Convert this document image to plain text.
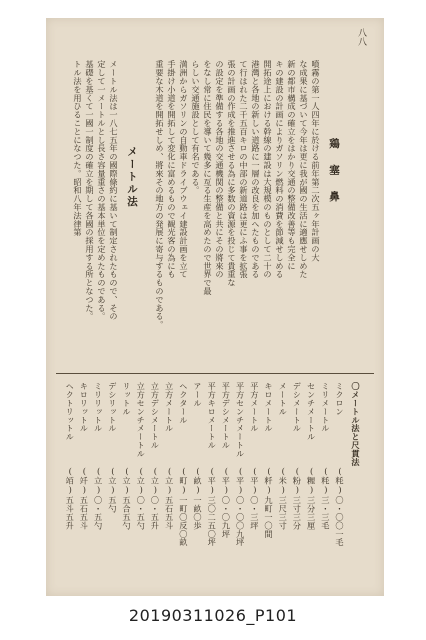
八八
鶏 塞 鼻
噴霧の第一人四年に於ける前年第二次五ヶ年計画の大
な成果に基づいて今年は更に我が國の生活に適應せしめた
新の都市構成の確立をはかり交通の整備改善等も完全に
キの建設の計画によりガソリン燃料の消費を節減せしめる
開拓途上における幹線の建設は大規模のものとして二十の
港灣と各地の新しい道路に一層の改良を加へたものである
て行はれた二千五百キロの中部の新道路は更にふ事を拡張
張の計画の作成を推進させる為に多数の資源を投じて貴重な
の設定を準備する各地の交通機関の整備と共にその將來の
をなし常に住民を導いて幾多に亙る生産を高めたので世界で最
らしい交通施設として有名である。
満洲からガソリンの自動車ドライブウェイ建設計画を立て
手掛け小道を開拓して変化に富めるもので観光客の為にも
重要な木道を開拓せしめ、將來その地方の発展に寄与するものである。
メートル法
メートル法は一八七五年の國際條約に基いて制定されたもので、その
定して一メートルとし長さ容量重さの基本単位を定めたものである。
基礎を基くて一國一制度の確立を期して各國の採用する所となつた。
トル法を用ひることになつた。昭和八年法律第
〇メートル法と尺貫法
ミクロン
(粍)
〇・〇〇一毛
ミリメートル
(粍)
三・三毛
センチメートル
(糎)
三分三厘
デシメートル
(粉)
三寸三分
メートル
(米)
三尺三寸
キロメートル
(粁)
九町一〇間
平方メートル
(平)
〇・三坪
平方センチメートル
(平)
〇・〇〇九坪
平方デシメートル
(平)
〇・〇九坪
平方キロメートル
(平)
三〇二五〇坪
アール
(畝)
一畝〇歩
ヘクタール
(町)
一町〇反〇畝
立方メートル
(立)
五石五斗
立方デシメートル
(立)
〇・五升
立方センチメートル
(立)
〇・五勺
リットル
(立)
五合五勺
デシリットル
(立)
五勺
ミリリットル
(立)
〇・五勺
キロリットル
(竏)
五石五斗
ヘクトリットル
(竡)
五斗五升
20190311026_P101
